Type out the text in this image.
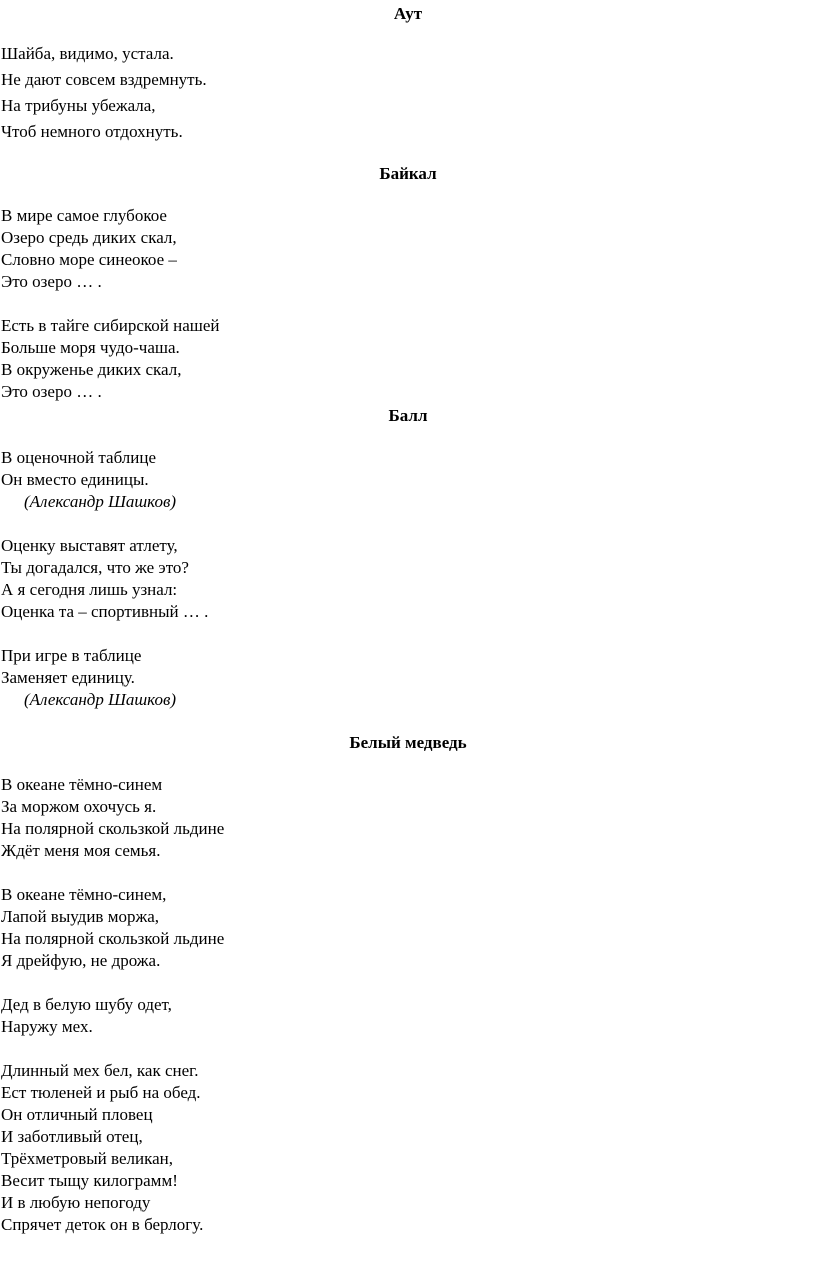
Аут
Шайба, видимо, устала.
Не дают совсем вздремнуть.
На трибуны убежала,
Чтоб немного отдохнуть.
Байкал
В мире самое глубокое
Озеро средь диких скал,
Словно море синеокое –
Это озеро … .
Есть в тайге сибирской нашей
Больше моря чудо-чаша.
В окруженье диких скал,
Это озеро … .
Балл
В оценочной таблице
Он вместо единицы.
(Александр Шашков)
Оценку выставят атлету,
Ты догадался, что же это?
А я сегодня лишь узнал:
Оценка та – спортивный … .
При игре в таблице
Заменяет единицу.
(Александр Шашков)
Белый медведь
В океане тёмно-синем
За моржом охочусь я.
На полярной скользкой льдине
Ждёт меня моя семья.
В океане тёмно-синем,
Лапой выудив моржа,
На полярной скользкой льдине
Я дрейфую, не дрожа.
Дед в белую шубу одет,
Наружу мех.
Длинный мех бел, как снег.
Ест тюленей и рыб на обед.
Он отличный пловец
И заботливый отец,
Трёхметровый великан,
Весит тыщу килограмм!
И в любую непогоду
Спрячет деток он в берлогу.
